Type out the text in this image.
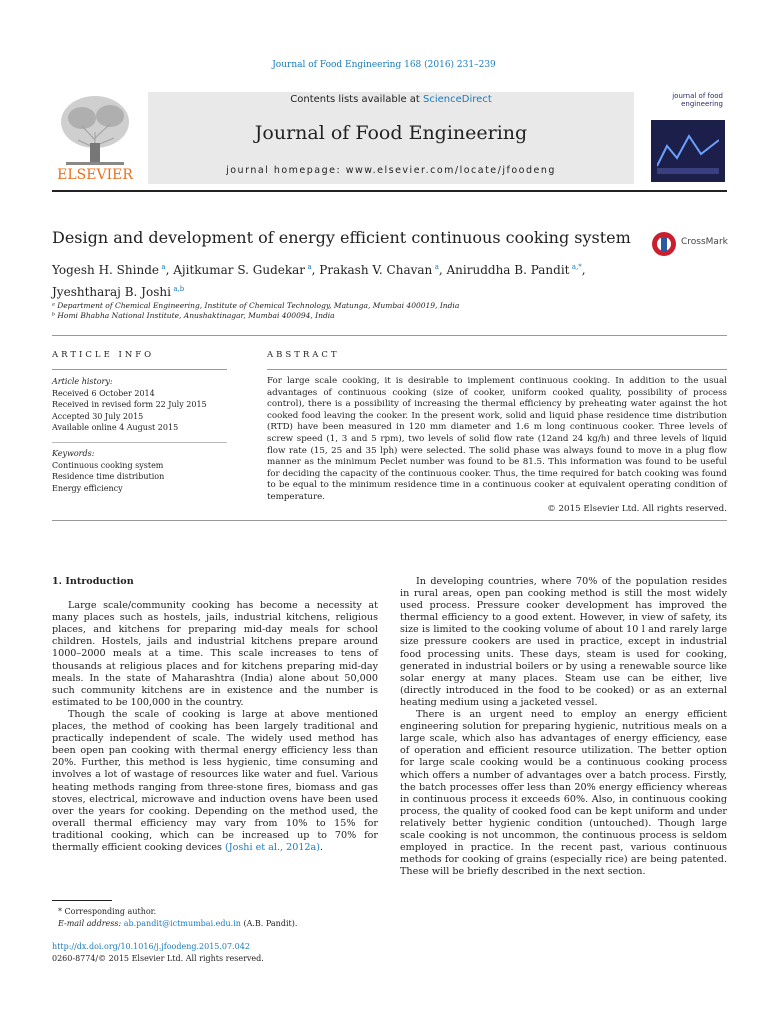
Journal of Food Engineering 168 (2016) 231–239
ELSEVIER
Contents lists available at ScienceDirect
Journal of Food Engineering
journal homepage: www.elsevier.com/locate/jfoodeng
journal of food engineering
Design and development of energy efficient continuous cooking system	CrossMark
Yogesh H. Shinde  $^a$, Ajitkumar S. Gudekar  $^a$, Prakash V. Chavan  $^a$, Aniruddha B. Pandit  $^{a,*}$,
Jyeshtharaj B. Joshi  $^{a,b}$
ᵃ Department of Chemical Engineering, Institute of Chemical Technology, Matunga, Mumbai 400019, India
ᵇ Homi Bhabha National Institute, Anushaktinagar, Mumbai 400094, India
ARTICLE INFO	ABSTRACT
Article history:
Received 6 October 2014
Received in revised form 22 July 2015
Accepted 30 July 2015
Available online 4 August 2015
Keywords:
Continuous cooking system
Residence time distribution
Energy efficiency
For large scale cooking, it is desirable to implement continuous cooking. In addition to the usual advantages of continuous cooking (size of cooker, uniform cooked quality, possibility of process control), there is a possibility of increasing the thermal efficiency by preheating water against the hot cooked food leaving the cooker. In the present work, solid and liquid phase residence time distribution (RTD) have been measured in 120 mm diameter and 1.6 m long continuous cooker. Three levels of screw speed (1, 3 and 5 rpm), two levels of solid flow rate (12and 24 kg/h) and three levels of liquid flow rate (15, 25 and 35 lph) were selected. The solid phase was always found to move in a plug flow manner as the minimum Peclet number was found to be 81.5. This information was found to be useful for deciding the capacity of the continuous cooker. Thus, the time required for batch cooking was found to be equal to the minimum residence time in a continuous cooker at equivalent operating condition of temperature.
© 2015 Elsevier Ltd. All rights reserved.
1. Introduction

Large scale/community cooking has become a necessity at many places such as hostels, jails, industrial kitchens, religious places, and kitchens for preparing mid-day meals for school children. Hostels, jails and industrial kitchens prepare around 1000–2000 meals at a time. This scale increases to tens of thousands at religious places and for kitchens preparing mid-day meals. In the state of Maharashtra (India) alone about 50,000 such community kitchens are in existence and the number is estimated to be 100,000 in the country.

Though the scale of cooking is large at above mentioned places, the method of cooking has been largely traditional and practically independent of scale. The widely used method has been open pan cooking with thermal energy efficiency less than 20%. Further, this method is less hygienic, time consuming and involves a lot of wastage of resources like water and fuel. Various heating methods ranging from three-stone fires, biomass and gas stoves, electrical, microwave and induction ovens have been used over the years for cooking. Depending on the method used, the overall thermal efficiency may vary from 10% to 15% for traditional cooking, which can be increased up to 70% for thermally efficient cooking devices (Joshi et al., 2012a).

In developing countries, where 70% of the population resides in rural areas, open pan cooking method is still the most widely used process. Pressure cooker development has improved the thermal efficiency to a good extent. However, in view of safety, its size is limited to the cooking volume of about 10 l and rarely large size pressure cookers are used in practice, except in industrial food processing units. These days, steam is used for cooking, generated in industrial boilers or by using a renewable source like solar energy at many places. Steam use can be either, live (directly introduced in the food to be cooked) or as an external heating medium using a jacketed vessel.

There is an urgent need to employ an energy efficient engineering solution for preparing hygienic, nutritious meals on a large scale, which also has advantages of energy efficiency, ease of operation and efficient resource utilization. The better option for large scale cooking would be a continuous cooking process which offers a number of advantages over a batch process. Firstly, the batch processes offer less than 20% energy efficiency whereas in continuous process it exceeds 60%. Also, in continuous cooking process, the quality of cooked food can be kept uniform and under relatively better hygienic condition (untouched). Though large scale cooking is not uncommon, the continuous process is seldom employed in practice. In the recent past, various continuous methods for cooking of grains (especially rice) are being patented. These will be briefly described in the next section.

* Corresponding author.
E-mail address: ab.pandit@ictmumbai.edu.in (A.B. Pandit).
http://dx.doi.org/10.1016/j.jfoodeng.2015.07.042
0260-8774/© 2015 Elsevier Ltd. All rights reserved.
